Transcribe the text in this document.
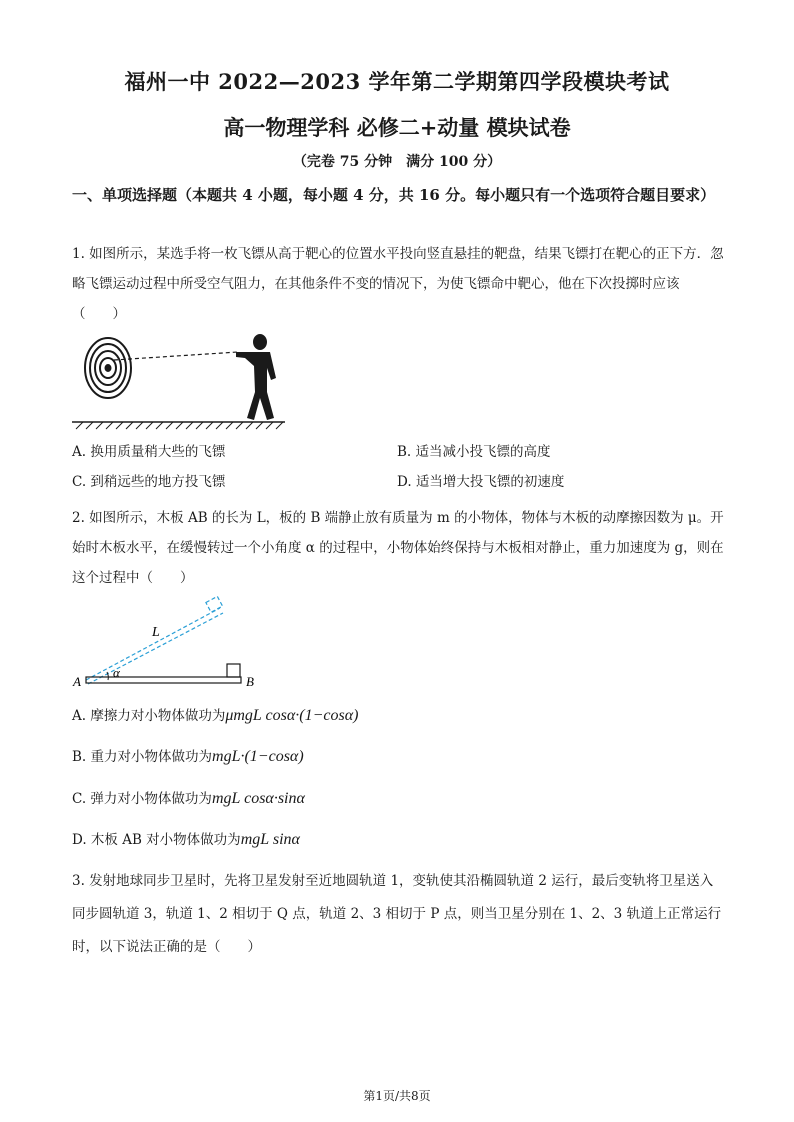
福州一中 2022—2023 学年第二学期第四学段模块考试
高一物理学科 必修二+动量 模块试卷
（完卷 75 分钟　满分 100 分）
一、单项选择题（本题共 4 小题，每小题 4 分，共 16 分。每小题只有一个选项符合题目要求）
1. 如图所示，某选手将一枚飞镖从高于靶心的位置水平投向竖直悬挂的靶盘，结果飞镖打在靶心的正下方．忽略飞镖运动过程中所受空气阻力，在其他条件不变的情况下，为使飞镖命中靶心，他在下次投掷时应该（　　）
A. 换用质量稍大些的飞镖	B. 适当减小投飞镖的高度
C. 到稍远些的地方投飞镖	D. 适当增大投飞镖的初速度
2. 如图所示，木板 AB 的长为 L，板的 B 端静止放有质量为 m 的小物体，物体与木板的动摩擦因数为 μ。开始时木板水平，在缓慢转过一个小角度 α 的过程中，小物体始终保持与木板相对静止，重力加速度为 g，则在这个过程中（　　）
A	B
L
α
A. 摩擦力对小物体做功为μmgL cosα·(1−cosα)
B. 重力对小物体做功为mgL·(1−cosα)
C. 弹力对小物体做功为mgL cosα·sinα
D. 木板 AB 对小物体做功为mgL sinα
3. 发射地球同步卫星时，先将卫星发射至近地圆轨道 1，变轨使其沿椭圆轨道 2 运行，最后变轨将卫星送入同步圆轨道 3，轨道 1、2 相切于 Q 点，轨道 2、3 相切于 P 点，则当卫星分别在 1、2、3 轨道上正常运行时，以下说法正确的是（　　）
第1页/共8页
